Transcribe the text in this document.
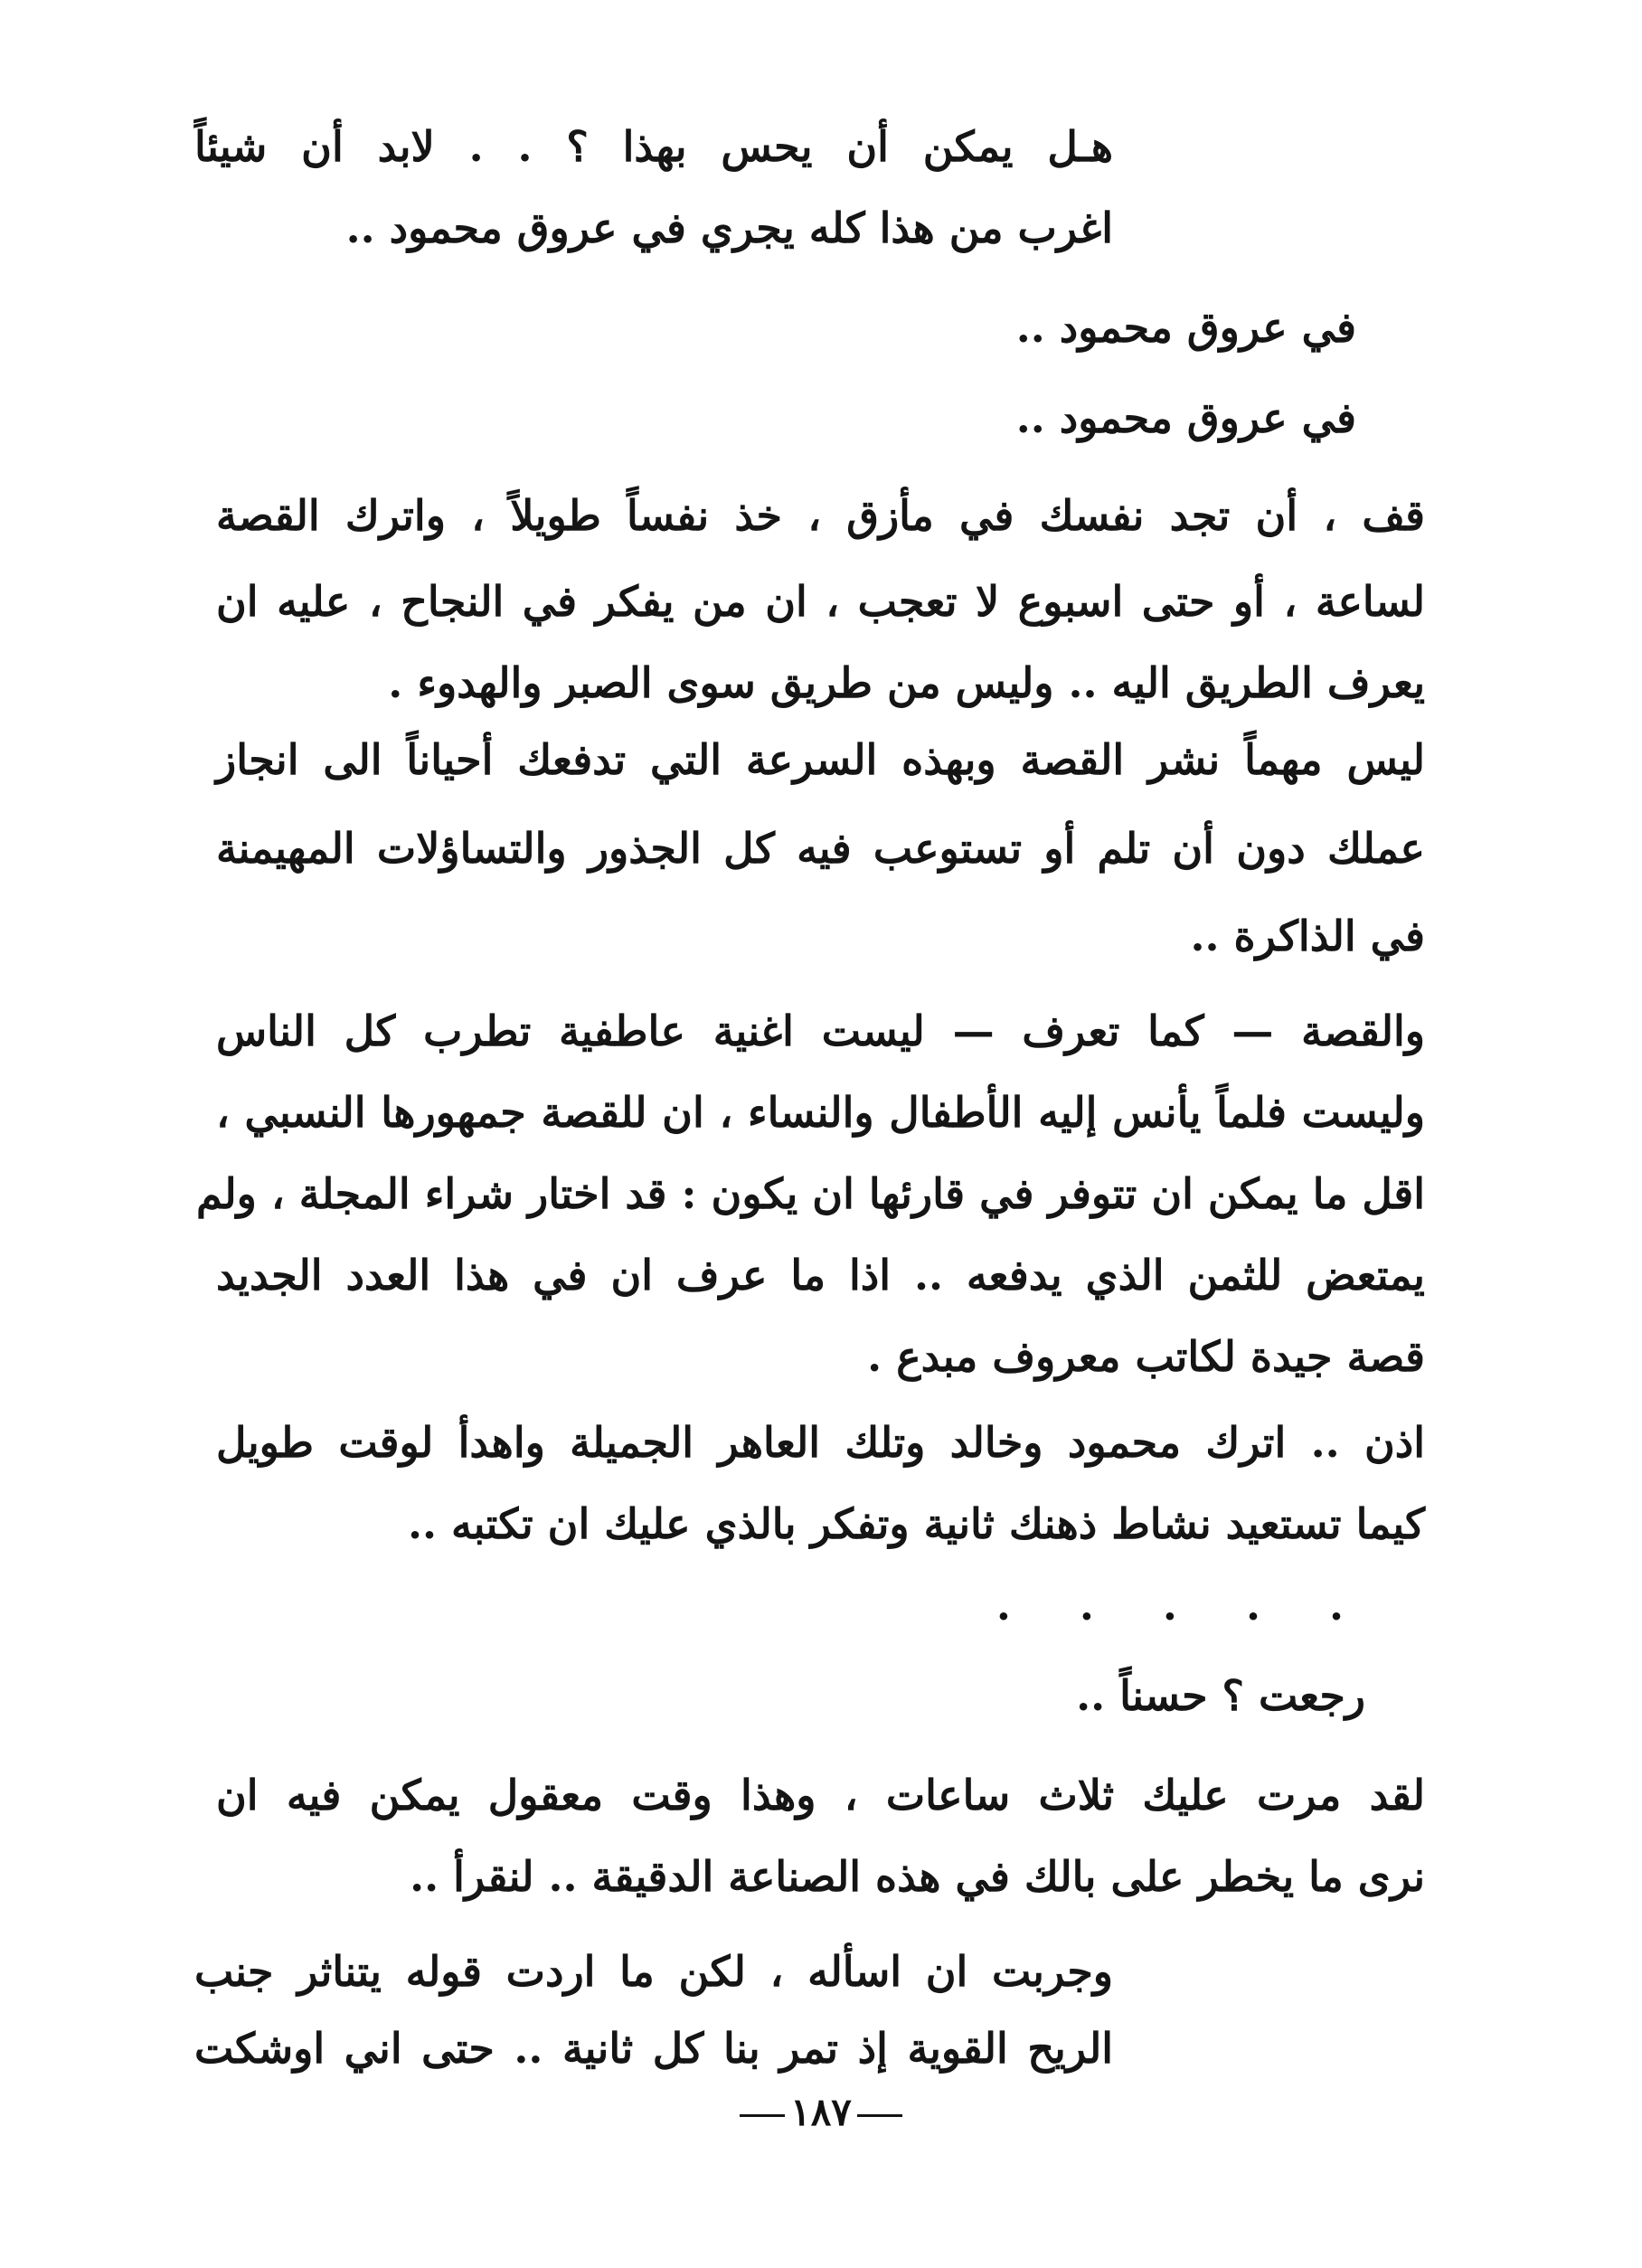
هـل يمكن أن يحس بهذا ؟ . . لابد أن شيئاً
اغرب من هذا كله يجري في عروق محمود ..
في عروق محمود ..
في عروق محمود ..
قف ، أن تجد نفسك في مأزق ، خذ نفساً طويلاً ، واترك القصة
لساعة ، أو حتى اسبوع لا تعجب ، ان من يفكر في النجاح ، عليه ان
يعرف الطريق اليه .. وليس من طريق سوى الصبر والهدوء .
ليس مهماً نشر القصة وبهذه السرعة التي تدفعك أحياناً الى انجاز
عملك دون أن تلم أو تستوعب فيه كل الجذور والتساؤلات المهيمنة
في الذاكرة ..
والقصة — كما تعرف — ليست اغنية عاطفية تطرب كل الناس
وليست فلماً يأنس إليه الأطفال والنساء ، ان للقصة جمهورها النسبي ،
اقل ما يمكن ان تتوفر في قارئها ان يكون : قد اختار شراء المجلة ، ولم
يمتعض للثمن الذي يدفعه .. اذا ما عرف ان في هذا العدد الجديد
قصة جيدة لكاتب معروف مبدع .
اذن .. اترك محمود وخالد وتلك العاهر الجميلة واهدأ لوقت طويل
كيما تستعيد نشاط ذهنك ثانية وتفكر بالذي عليك ان تكتبه ..
. . . . .
رجعت ؟ حسناً ..
لقد مرت عليك ثلاث ساعات ، وهذا وقت معقول يمكن فيه ان
نرى ما يخطر على بالك في هذه الصناعة الدقيقة .. لنقرأ ..
وجربت ان اسأله ، لكن ما اردت قوله يتناثر جنب
الريح القوية إذ تمر بنا كل ثانية .. حتى اني اوشكت
١٨٧
